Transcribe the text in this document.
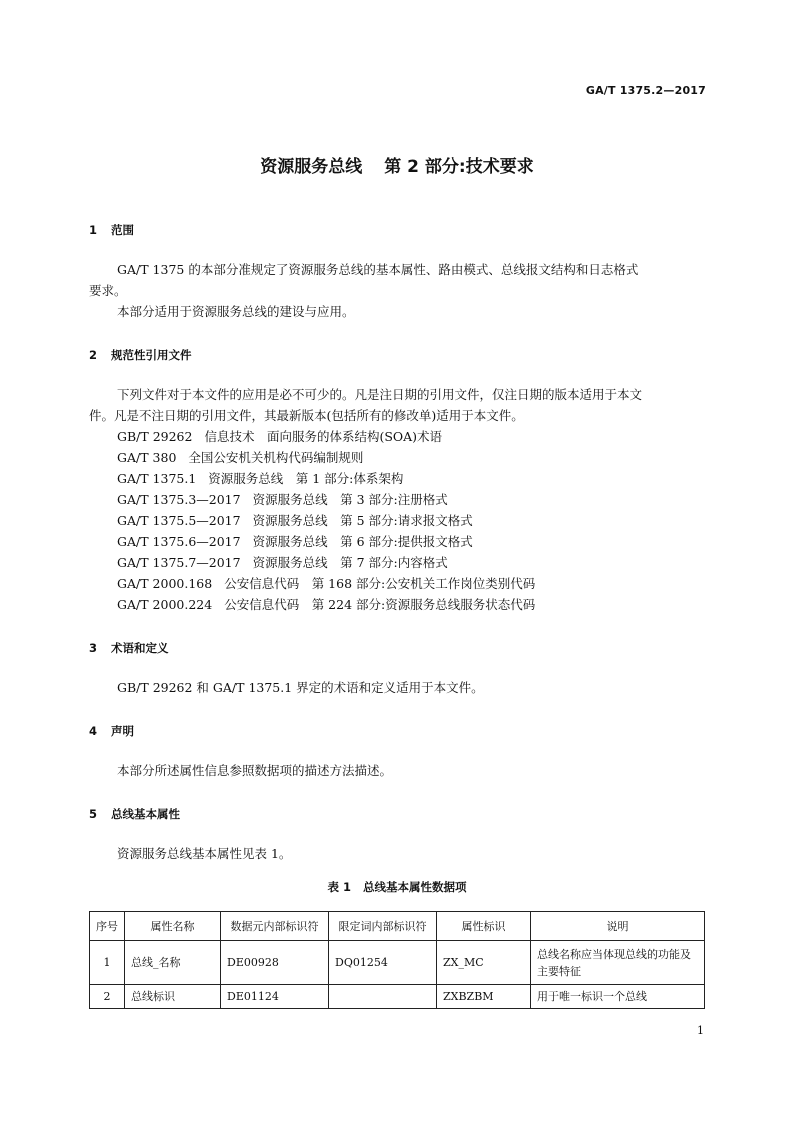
GA/T 1375.2—2017
资源服务总线 第 2 部分:技术要求
1 范围

GA/T 1375 的本部分准规定了资源服务总线的基本属性、路由模式、总线报文结构和日志格式

要求。

本部分适用于资源服务总线的建设与应用。

2 规范性引用文件

下列文件对于本文件的应用是必不可少的。凡是注日期的引用文件，仅注日期的版本适用于本文

件。凡是不注日期的引用文件，其最新版本(包括所有的修改单)适用于本文件。

GB/T 29262 信息技术　面向服务的体系结构(SOA)术语
GA/T 380 全国公安机关机构代码编制规则
GA/T 1375.1 资源服务总线　第 1 部分:体系架构
GA/T 1375.3—2017 资源服务总线　第 3 部分:注册格式
GA/T 1375.5—2017 资源服务总线　第 5 部分:请求报文格式
GA/T 1375.6—2017 资源服务总线　第 6 部分:提供报文格式
GA/T 1375.7—2017 资源服务总线　第 7 部分:内容格式
GA/T 2000.168 公安信息代码　第 168 部分:公安机关工作岗位类别代码
GA/T 2000.224 公安信息代码　第 224 部分:资源服务总线服务状态代码
3 术语和定义

GB/T 29262 和 GA/T 1375.1 界定的术语和定义适用于本文件。

4 声明

本部分所述属性信息参照数据项的描述方法描述。

5 总线基本属性

资源服务总线基本属性见表 1。

表 1 总线基本属性数据项
序号	属性名称	数据元内部标识符	限定词内部标识符	属性标识	说明
1	总线_名称	DE00928	DQ01254	ZX_MC	总线名称应当体现总线的功能及主要特征
2	总线标识	DE01124		ZXBZBM	用于唯一标识一个总线
1
